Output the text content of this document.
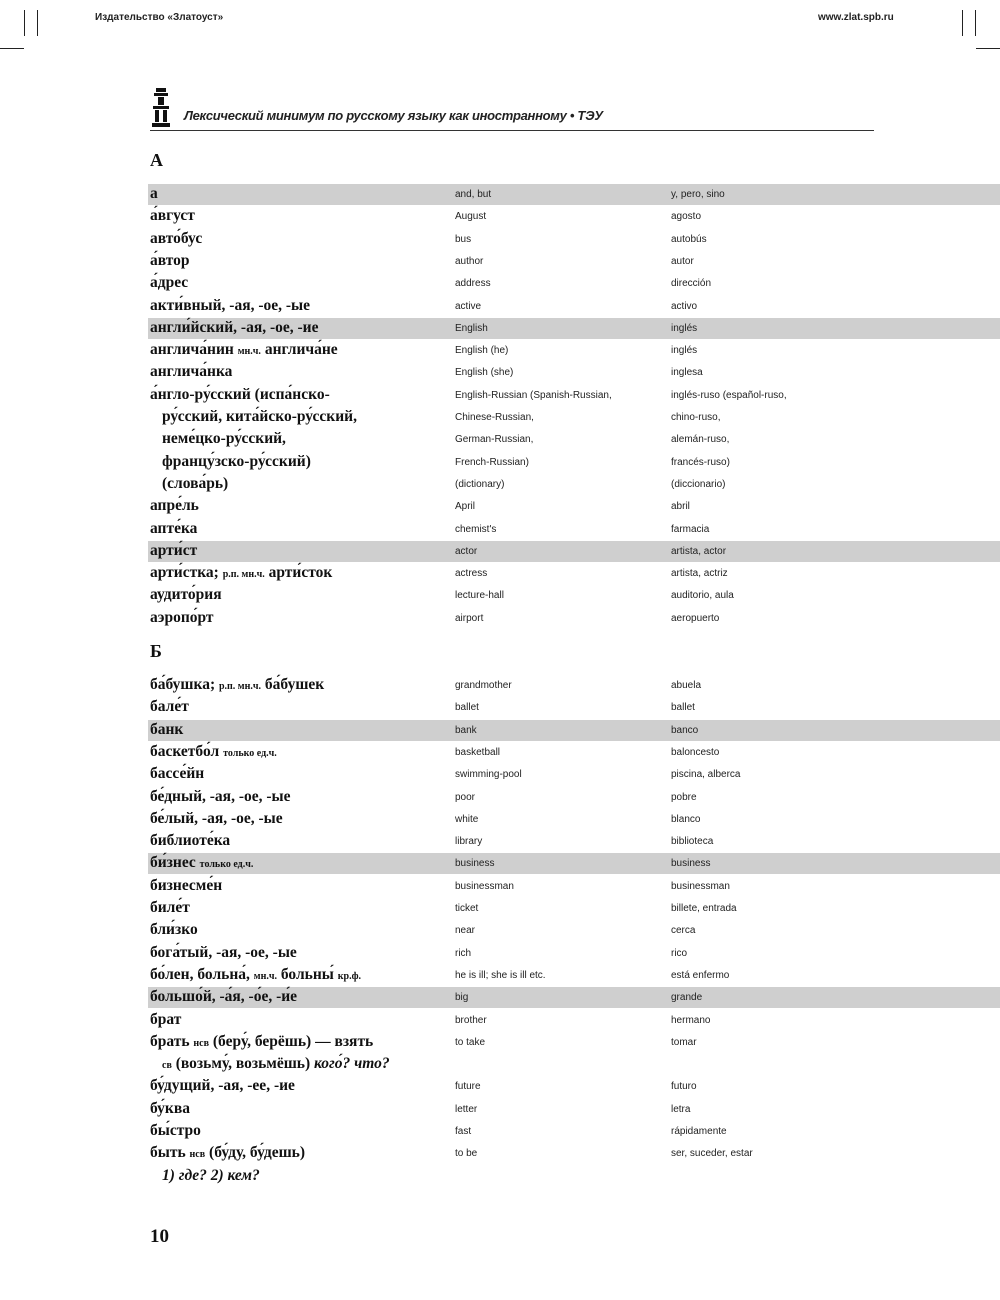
Издательство «Златоуст»	www.zlat.spb.ru
Лексический минимум по русскому языку как иностранному • ТЭУ
А
а	and, but	y, pero, sino
а́вгуст	August	agosto
авто́бус	bus	autobús
а́втор	author	autor
а́дрес	address	dirección
акти́вный, -ая, -ое, -ые	active	activo
англи́йский, -ая, -ое, -ие	English	inglés
англича́нин мн.ч. англича́не	English (he)	inglés
англича́нка	English (she)	inglesa
а́нгло-ру́сский (испа́нско-	English-Russian (Spanish-Russian,	inglés-ruso (español-ruso,
ру́сский, кита́йско-ру́сский,	Chinese-Russian,	chino-ruso,
неме́цко-ру́сский,	German-Russian,	alemán-ruso,
францу́зско-ру́сский)	French-Russian)	francés-ruso)
(слова́рь)	(dictionary)	(diccionario)
апре́ль	April	abril
апте́ка	chemist's	farmacia
арти́ст	actor	artista, actor
арти́стка; р.п. мн.ч. арти́сток	actress	artista, actriz
аудито́рия	lecture-hall	auditorio, aula
аэропо́рт	airport	aeropuerto
Б
ба́бушка; р.п. мн.ч. ба́бушек	grandmother	abuela
бале́т	ballet	ballet
банк	bank	banco
баскетбо́л только ед.ч.	basketball	baloncesto
бассе́йн	swimming-pool	piscina, alberca
бе́дный, -ая, -ое, -ые	poor	pobre
бе́лый, -ая, -ое, -ые	white	blanco
библиоте́ка	library	biblioteca
би́знес только ед.ч.	business	business
бизнесме́н	businessman	businessman
биле́т	ticket	billete, entrada
бли́зко	near	cerca
бога́тый, -ая, -ое, -ые	rich	rico
бо́лен, больна́, мн.ч. больны́ кр.ф.	he is ill; she is ill etc.	está enfermo
большо́й, -а́я, -о́е, -и́е	big	grande
брат	brother	hermano
брать нсв (беру́, берёшь) — взять	to take	tomar
св (возьму́, возьмёшь) кого́? что?
бу́дущий, -ая, -ее, -ие	future	futuro
бу́ква	letter	letra
бы́стро	fast	rápidamente
быть нсв (бу́ду, бу́дешь)	to be	ser, suceder, estar
1) где? 2) кем?
10
